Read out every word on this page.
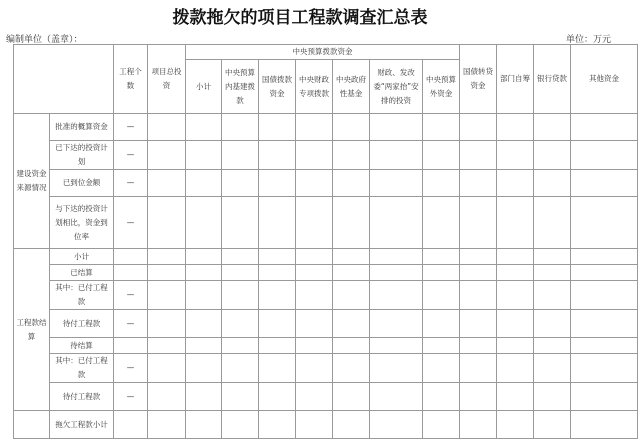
拨款拖欠的项目工程款调查汇总表
编制单位（盖章）：	单位：万元
		工程个数	项目总投资	中央预算拨款资金							国债转贷资金	部门自筹	银行贷款	其他资金
				小计	中央预算内基建拨款	国债拨款资金	中央财政专项拨款	中央政府性基金	财政、发改委“两家抬”安排的投资	中央预算外资金				
建设资金来源情况	批准的概算资金	—												
	已下达的投资计划	—												
	已到位金额	—												
	与下达的投资计划相比，资金到位率	—												
工程款结算	小计													
	已结算													
	其中：已付工程款	—												
	待付工程款	—												
	待结算													
	其中：已付工程款	—												
	待付工程款	—												
	拖欠工程款小计													
